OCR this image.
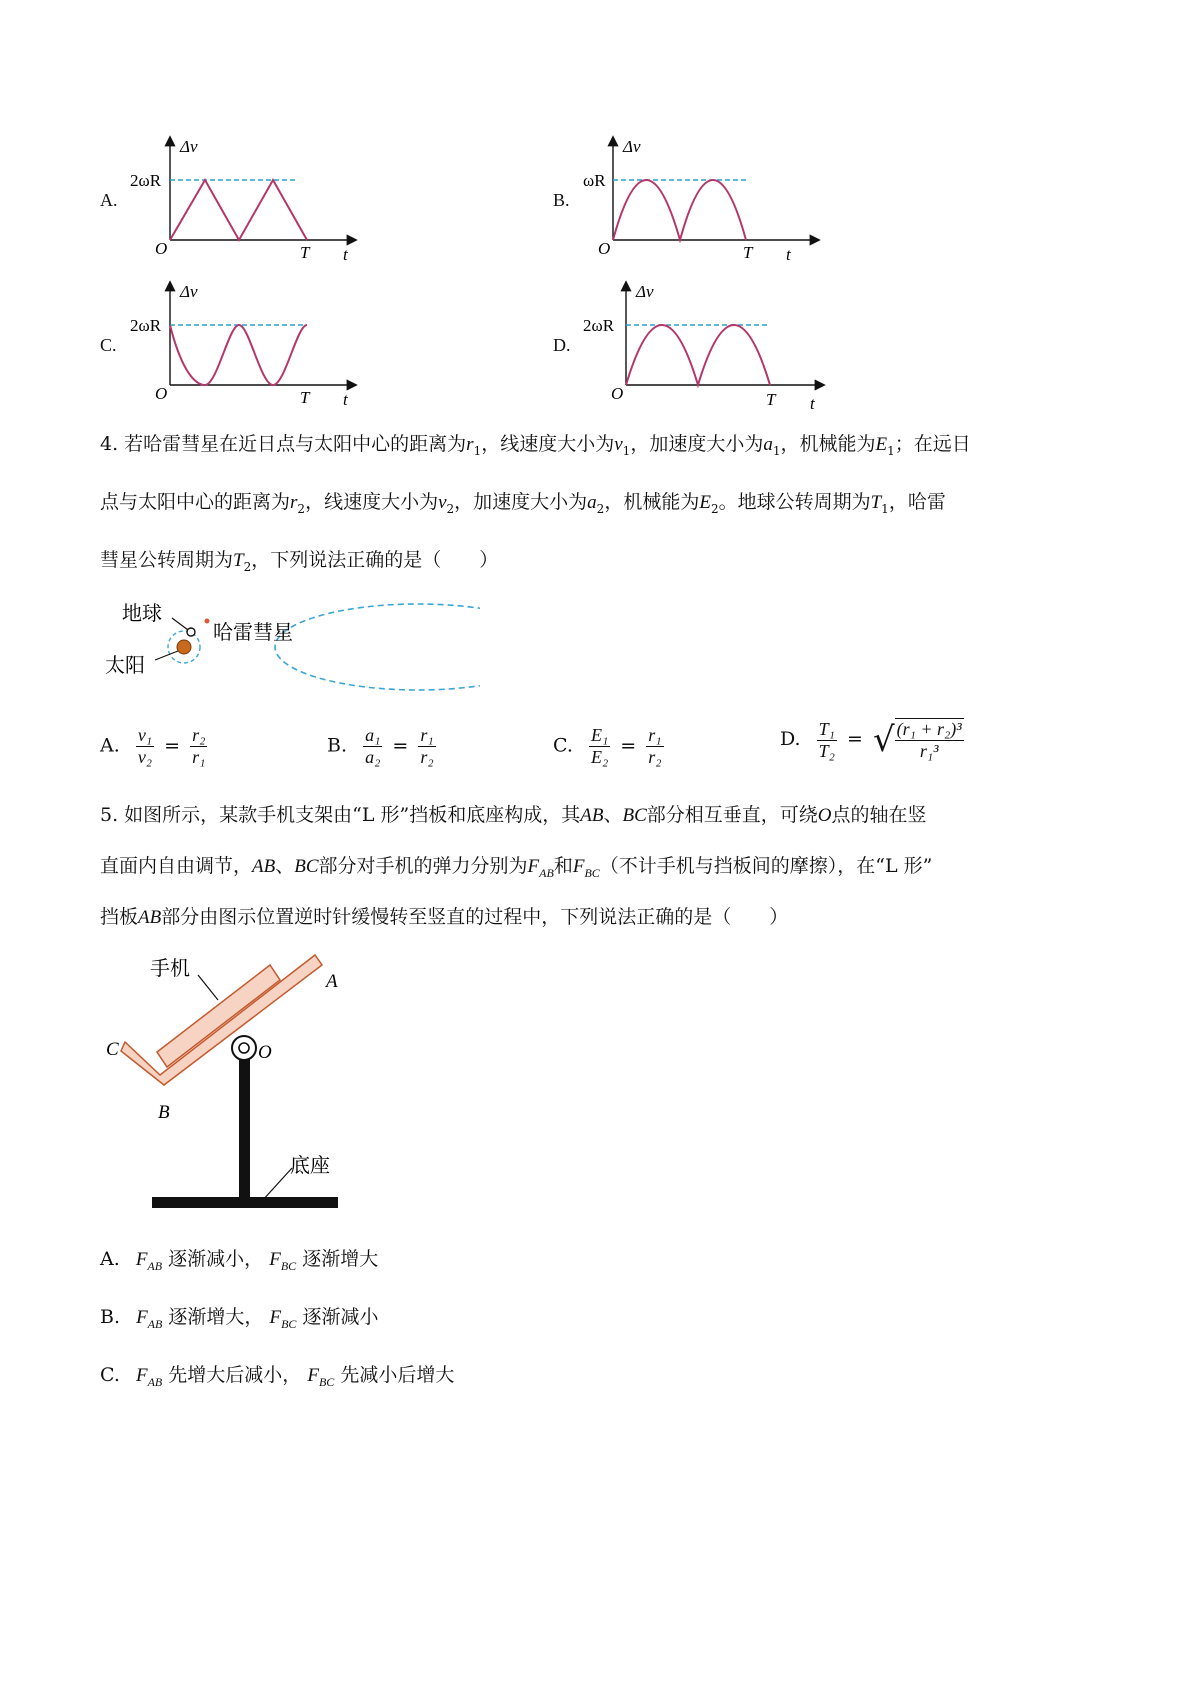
A.
Δv
2ωR
O	T t
B.
Δv
ωR
O	T t
C.
Δv
2ωR
O	T t
D.
Δv
2ωR
O	T t
4. 若哈雷彗星在近日点与太阳中心的距离为$r_1$，线速度大小为$v_1$，加速度大小为$a_1$，机械能为$E_1$；在远日
点与太阳中心的距离为$r_2$，线速度大小为$v_2$，加速度大小为$a_2$，机械能为$E_2$。地球公转周期为$T_1$，哈雷
彗星公转周期为$T_2$，下列说法正确的是（　　）
地球
哈雷彗星
太阳
A. $\frac{\text{v₁}}{\text{v₂}} = \frac{\text{r₂}}{\text{r₁}}$	B. $\frac{\text{a₁}}{\text{a₂}} = \frac{\text{r₁}}{\text{r₂}}$	C. $\frac{\text{E₁}}{\text{E₂}} = \frac{\text{r₁}}{\text{r₂}}$	D. $\frac{\text{T₁}}{\text{T₂}}$ = √ $\frac{\text{(r₁ + r₂)³}}{\text{r₁³}}$
5. 如图所示，某款手机支架由“L 形”挡板和底座构成，其AB、BC部分相互垂直，可绕O点的轴在竖
直面内自由调节，AB、BC部分对手机的弹力分别为$F_{AB}$和$F_{BC}$（不计手机与挡板间的摩擦），在“L 形”
挡板AB部分由图示位置逆时针缓慢转至竖直的过程中，下列说法正确的是（　　）
手机
A
C
B
O
底座
A. $F_{AB}$ 逐渐减小， $F_{BC}$ 逐渐增大
B. $F_{AB}$ 逐渐增大， $F_{BC}$ 逐渐减小
C. $F_{AB}$ 先增大后减小， $F_{BC}$ 先减小后增大
